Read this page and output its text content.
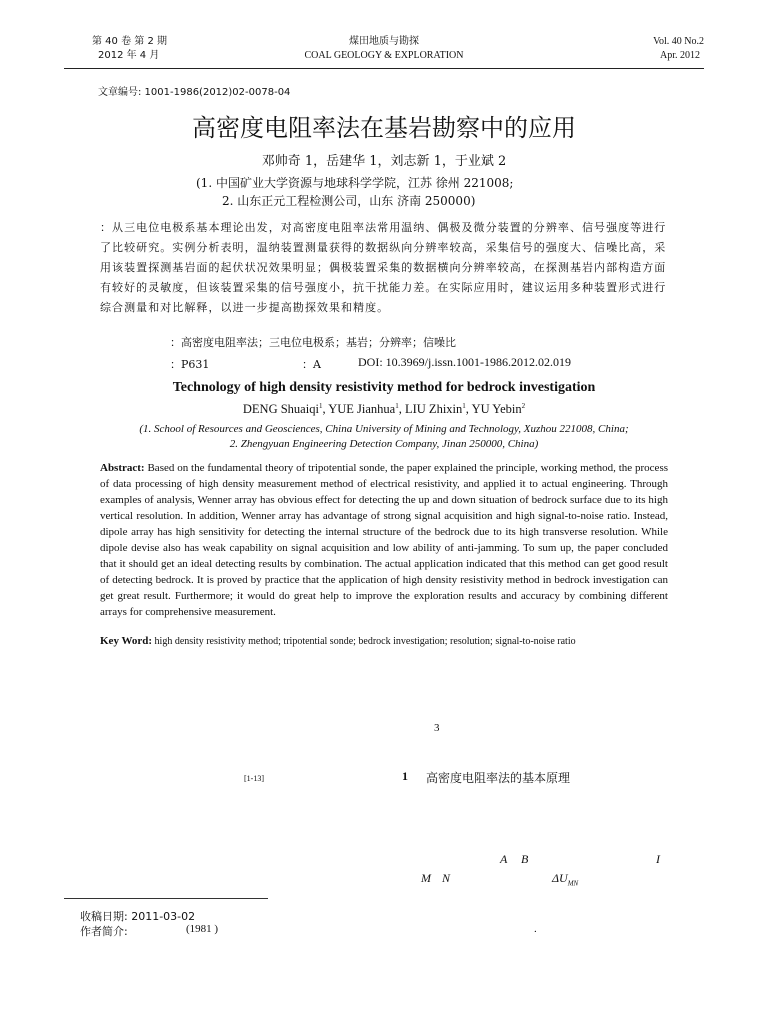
第 40 卷 第 2 期
2012 年 4 月
煤田地质与勘探
COAL GEOLOGY & EXPLORATION
Vol. 40 No.2
Apr. 2012
文章编号: 1001-1986(2012)02-0078-04
高密度电阻率法在基岩勘察中的应用
邓帅奇 1，岳建华 1，刘志新 1，于业斌 2
(1. 中国矿业大学资源与地球科学学院，江苏 徐州 221008;
2. 山东正元工程检测公司，山东 济南 250000)
：从三电位电极系基本理论出发，对高密度电阻率法常用温纳、偶极及微分装置的分辨率、信号强度等进行了比较研究。实例分析表明，温纳装置测量获得的数据纵向分辨率较高，采集信号的强度大、信噪比高，采用该装置探测基岩面的起伏状况效果明显；偶极装置采集的数据横向分辨率较高，在探测基岩内部构造方面有较好的灵敏度，但该装置采集的信号强度小，抗干扰能力差。在实际应用时，建议运用多种装置形式进行综合测量和对比解释，以进一步提高勘探效果和精度。
：高密度电阻率法；三电位电极系；基岩；分辨率；信噪比
：P631	：A	DOI: 10.3969/j.issn.1001-1986.2012.02.019
Technology of high density resistivity method for bedrock investigation
DENG Shuaiqi$^1$, YUE Jianhua$^1$, LIU Zhixin$^1$, YU Yebin$^2$
(1. School of Resources and Geosciences, China University of Mining and Technology, Xuzhou 221008, China;
2. Zhengyuan Engineering Detection Company, Jinan 250000, China)
Abstract: Based on the fundamental theory of tripotential sonde, the paper explained the principle, working method, the process of data processing of high density measurement method of electrical resistivity, and applied it to actual engineering. Through examples of analysis, Wenner array has obvious effect for detecting the up and down situation of bedrock surface due to its high vertical resolution. In addition, Wenner array has advantage of strong signal acquisition and high signal-to-noise ratio. Instead, dipole array has high sensitivity for detecting the internal structure of the bedrock due to its high transverse resolution. While dipole devise also has weak capability on signal acquisition and low ability of anti-jamming. To sum up, the paper concluded that it should get an ideal detecting results by combination. The actual application indicated that this method can get good result of detecting bedrock. It is proved by practice that the application of high density resistivity method in bedrock investigation can get great result. Furthermore; it would do great help to improve the exploration results and accuracy by combining different arrays for comprehensive measurement.
Key Word: high density resistivity method; tripotential sonde; bedrock investigation; resolution; signal-to-noise ratio
3
[1-13]	1 高密度电阻率法的基本原理
A B	I
M N	$\Delta U_{MN}$
收稿日期: 2011-03-02
作者简介:	(1981 )	.
